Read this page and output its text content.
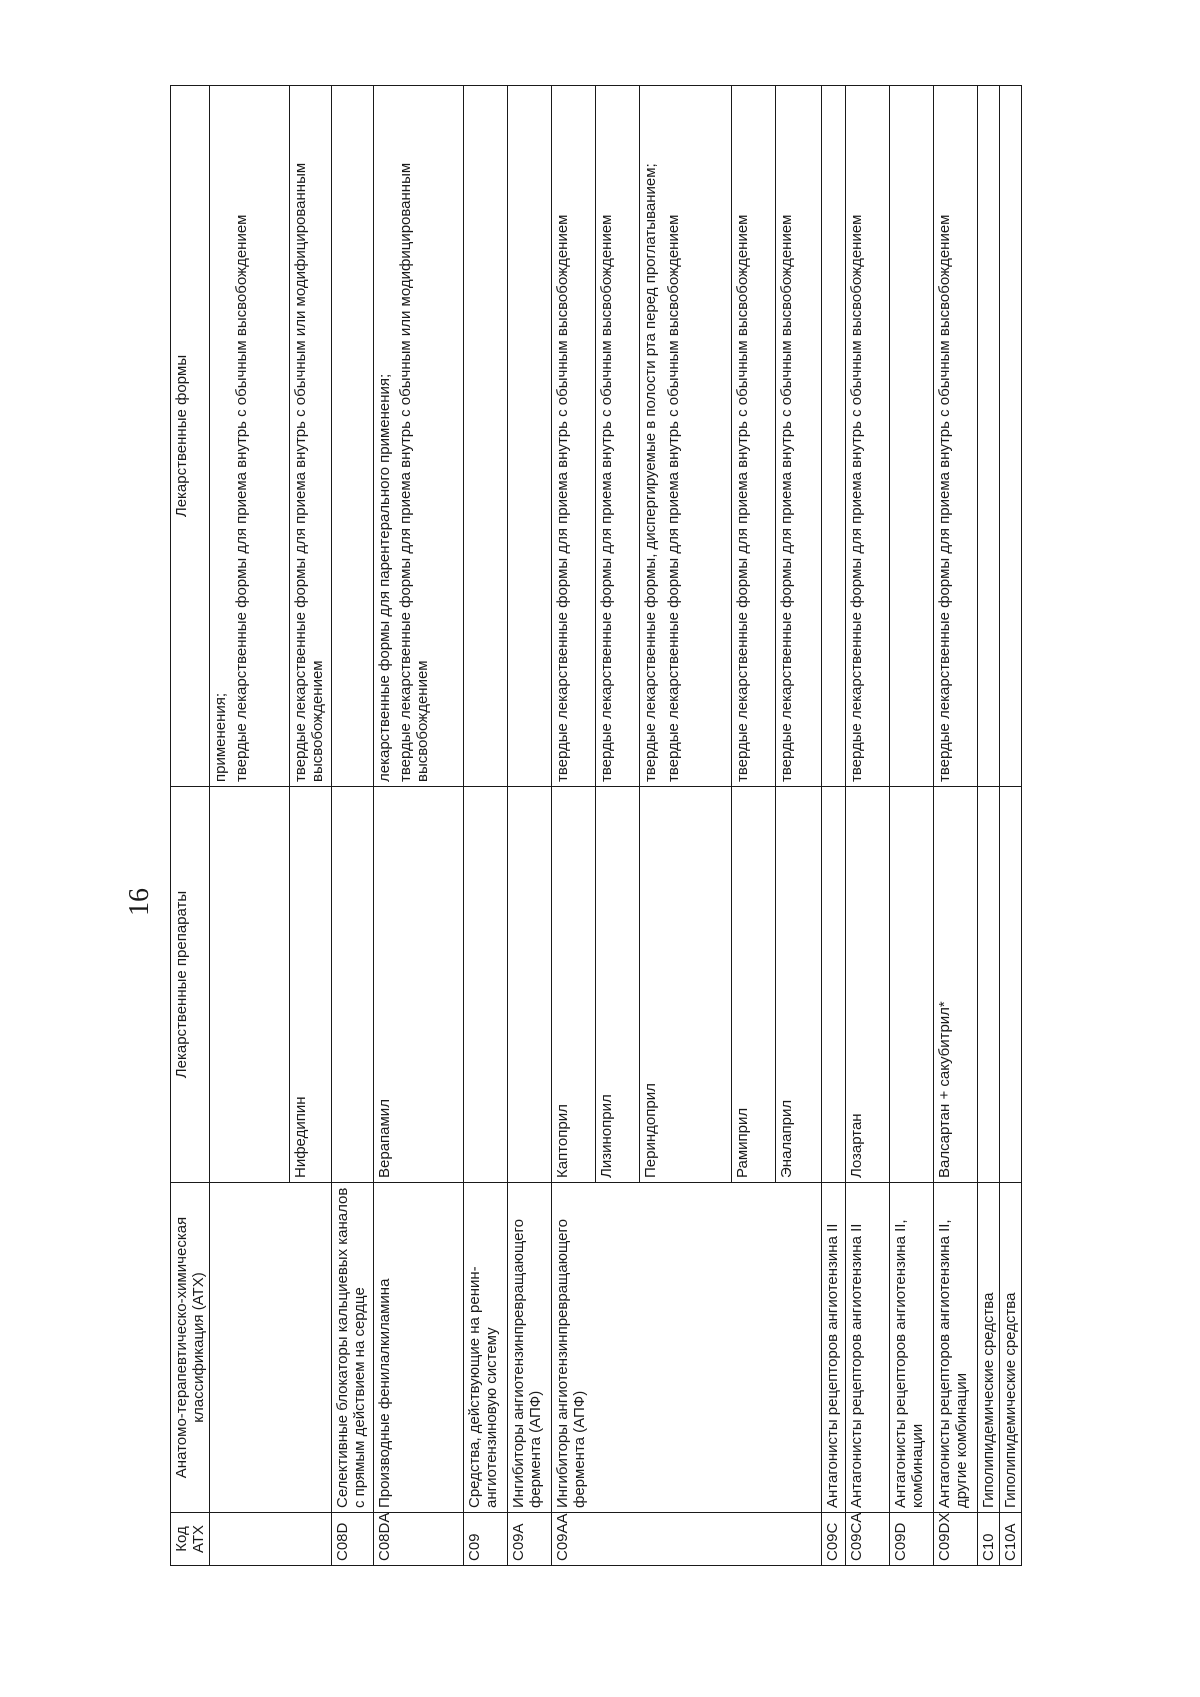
16
Код АТХ	Анатомо-терапевтическо-химическая классификация (АТХ)	Лекарственные препараты	Лекарственные формы

			применения; твердые лекарственные формы для приема внутрь с обычным высвобождением

		Нифедипин	твердые лекарственные формы для приема внутрь с обычным или модифицированным высвобождением

C08D	Селективные блокаторы кальциевых каналов с прямым действием на сердце		
C08DA	Производные фенилалкиламина	Верапамил	лекарственные формы для парентерального применения; твердые лекарственные формы для приема внутрь с обычным или модифицированным высвобождением

C09	Средства, действующие на ренин-ангиотензиновую систему		
C09A	Ингибиторы ангиотензинпревращающего фермента (АПФ)		
C09AA	Ингибиторы ангиотензинпревращающего фермента (АПФ)	Каптоприл	твердые лекарственные формы для приема внутрь с обычным высвобождением

		Лизиноприл	твердые лекарственные формы для приема внутрь с обычным высвобождением

		Периндоприл	твердые лекарственные формы, диспергируемые в полости рта перед проглатыванием; твердые лекарственные формы для приема внутрь с обычным высвобождением

		Рамиприл	твердые лекарственные формы для приема внутрь с обычным высвобождением

		Эналаприл	твердые лекарственные формы для приема внутрь с обычным высвобождением

C09C	Антагонисты рецепторов ангиотензина II		
C09CA	Антагонисты рецепторов ангиотензина II	Лозартан	твердые лекарственные формы для приема внутрь с обычным высвобождением

C09D	Антагонисты рецепторов ангиотензина II, комбинации		
C09DX	Антагонисты рецепторов ангиотензина II, другие комбинации	Валсартан + сакубитрил*	твердые лекарственные формы для приема внутрь с обычным высвобождением

C10	Гиполипидемические средства		
C10A	Гиполипидемические средства		
